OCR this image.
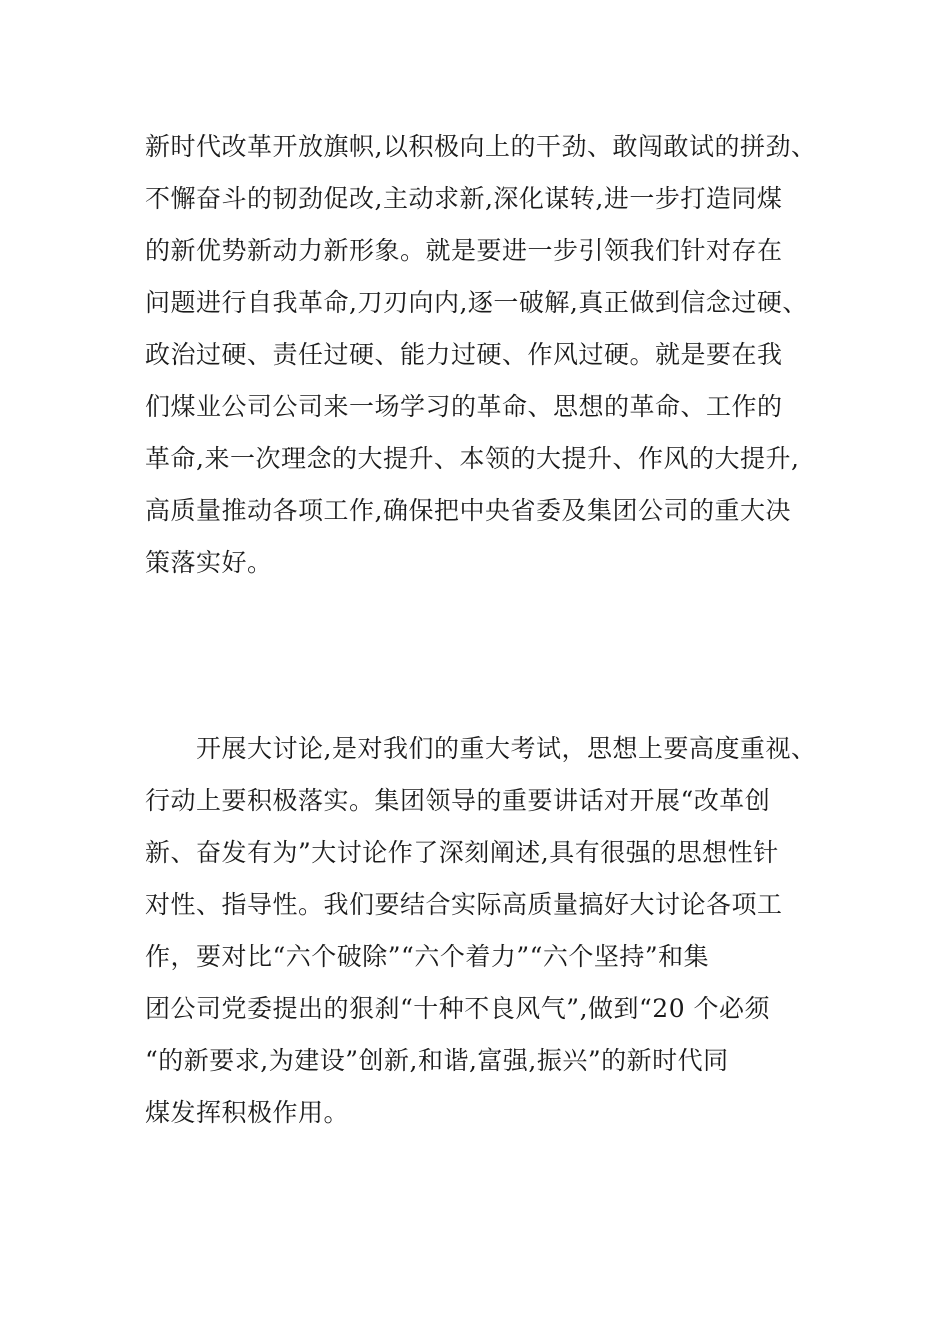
新时代改革开放旗帜,以积极向上的干劲、敢闯敢试的拼劲、
不懈奋斗的韧劲促改,主动求新,深化谋转,进一步打造同煤
的新优势新动力新形象。就是要进一步引领我们针对存在
问题进行自我革命,刀刃向内,逐一破解,真正做到信念过硬、
政治过硬、责任过硬、能力过硬、作风过硬。就是要在我
们煤业公司公司来一场学习的革命、思想的革命、工作的
革命,来一次理念的大提升、本领的大提升、作风的大提升,
高质量推动各项工作,确保把中央省委及集团公司的重大决
策落实好。
　　开展大讨论,是对我们的重大考试，思想上要高度重视、
行动上要积极落实。集团领导的重要讲话对开展“改革创
新、奋发有为”大讨论作了深刻阐述,具有很强的思想性针
对性、指导性。我们要结合实际高质量搞好大讨论各项工
作，要对比“六个破除”“六个着力”“六个坚持”和集
团公司党委提出的狠刹“十种不良风气”,做到“20 个必须
“的新要求,为建设”创新,和谐,富强,振兴”的新时代同
煤发挥积极作用。
